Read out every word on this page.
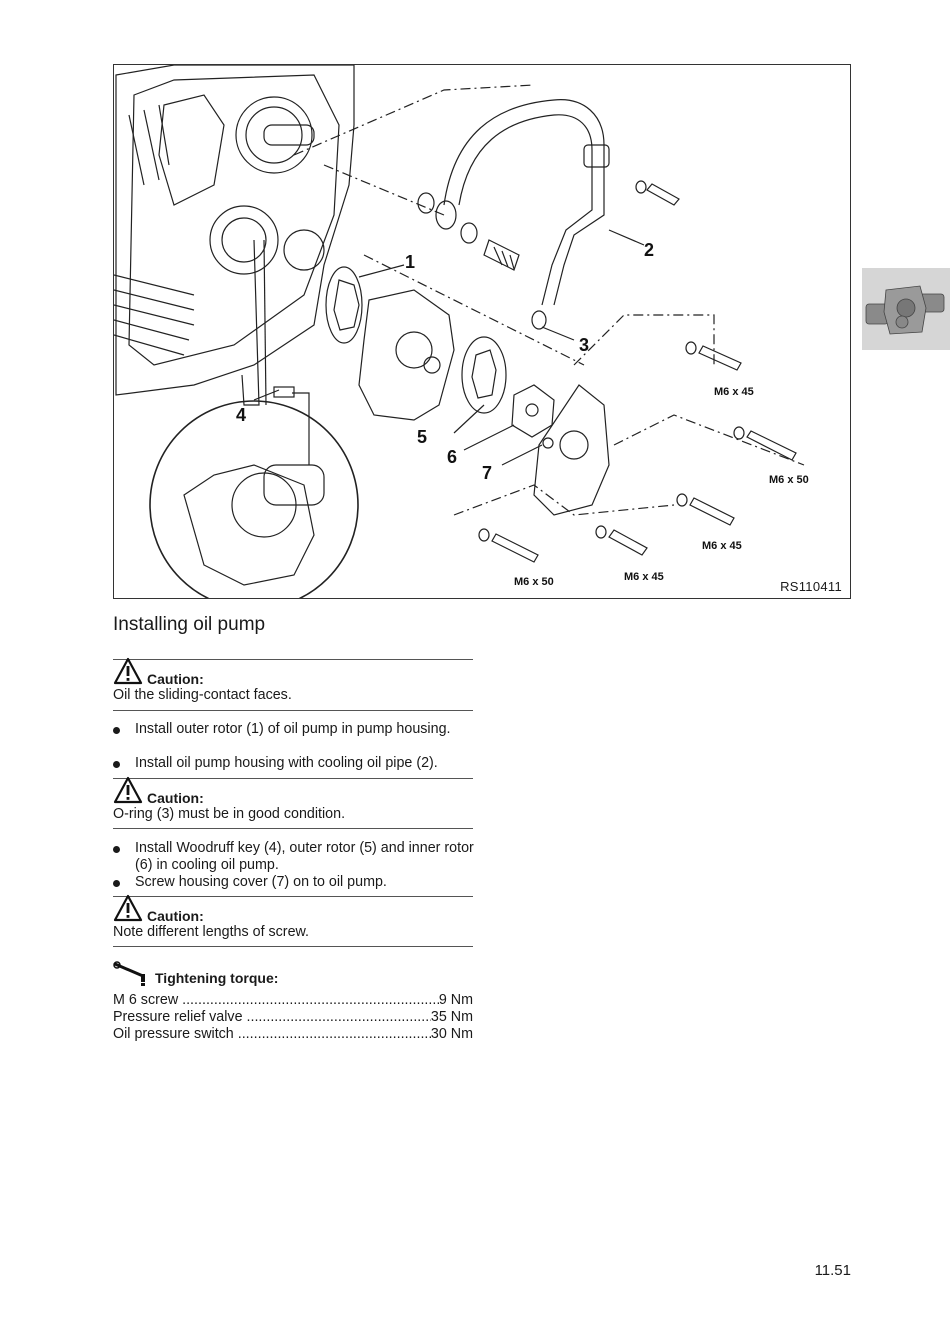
1
2
3
4
5
6
7
M6 x 45
M6 x 50
M6 x 45
M6 x 50	M6 x 45
RS110411
Installing oil pump
Caution:
Oil the sliding-contact faces.
Install outer rotor (1) of oil pump in pump housing.
Install oil pump housing with cooling oil pipe (2).
Caution:
O-ring (3) must be in good condition.
Install Woodruff key (4), outer rotor (5) and inner rotor (6) in cooling oil pump.
Screw housing cover (7) on to oil pump.
Caution:
Note different lengths of screw.
Tightening torque:
M 6 screw .....	9 Nm
Pressure relief valve .....	35 Nm
Oil pressure switch .....	30 Nm
11.51
